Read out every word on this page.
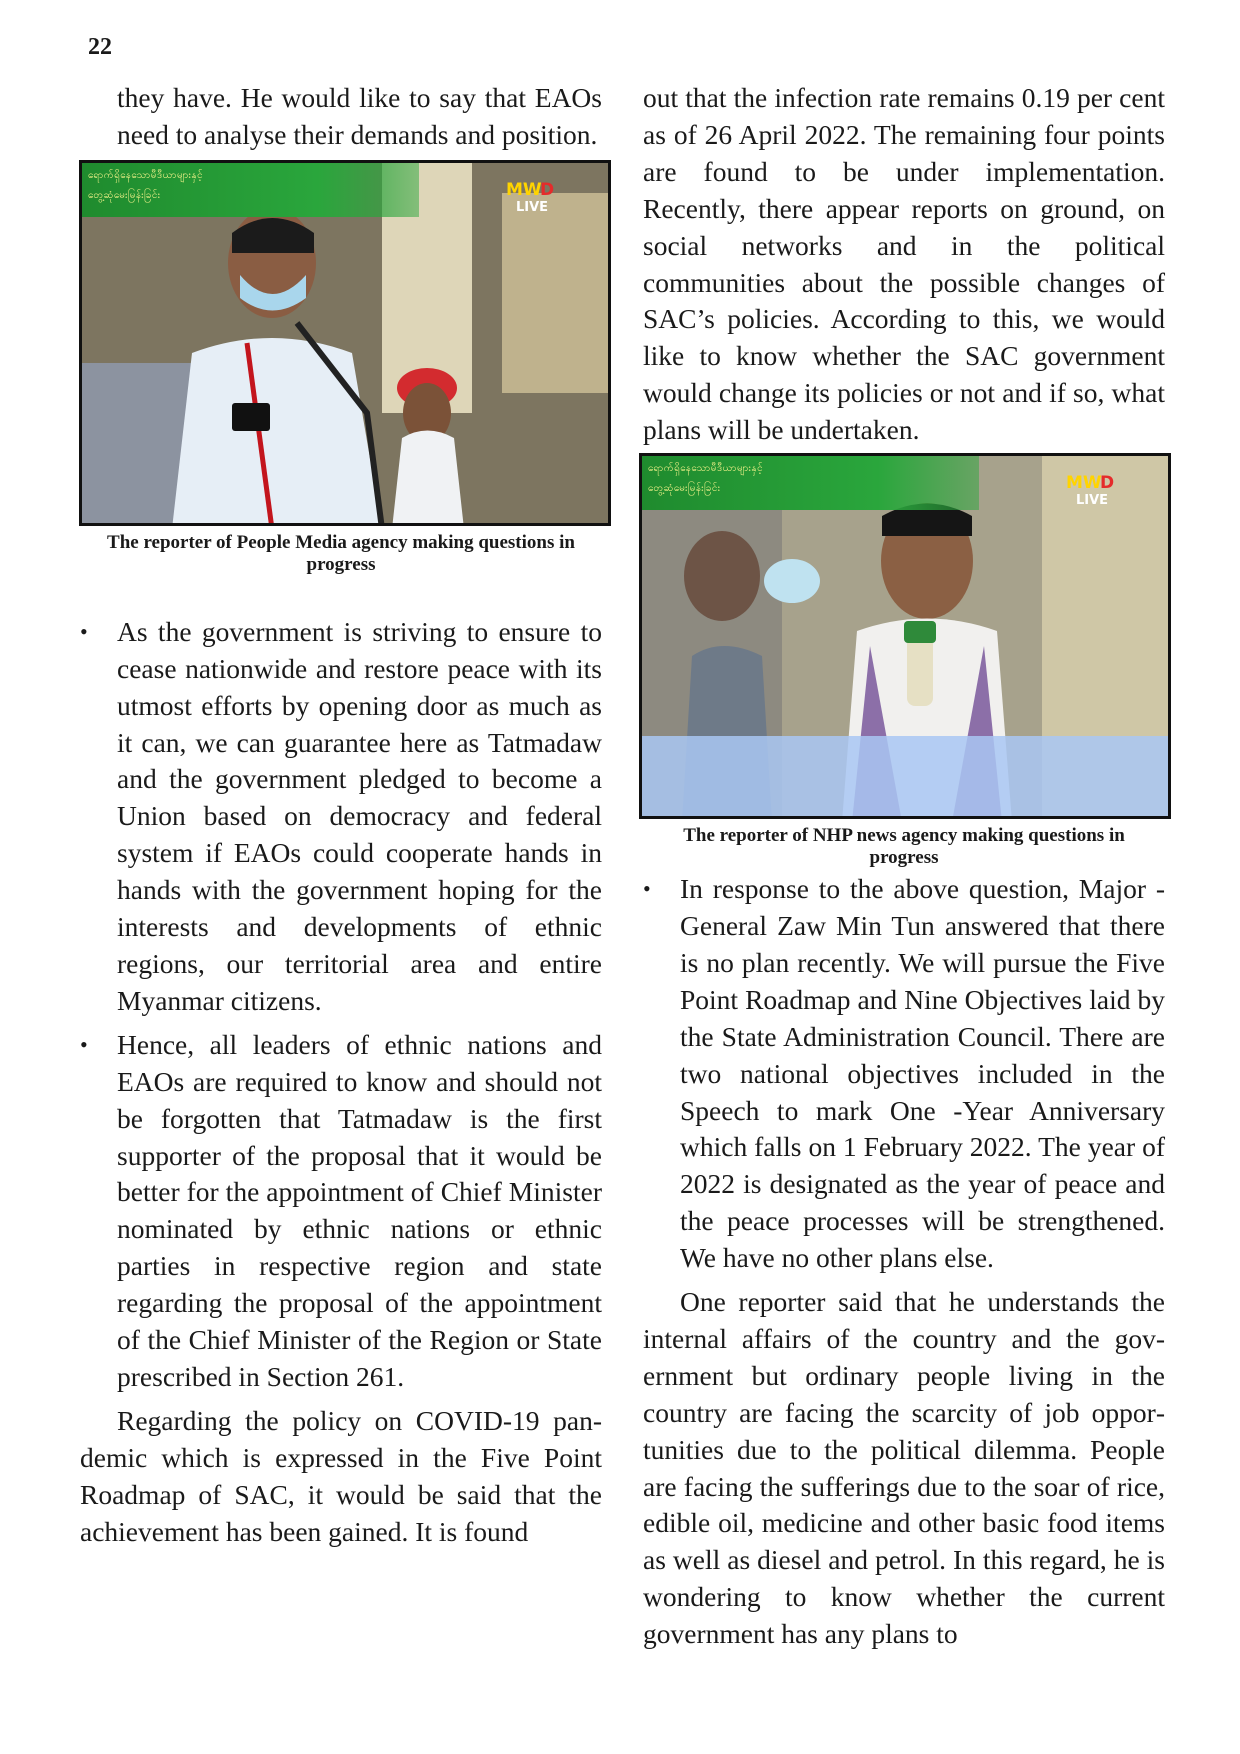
22

they have. He would like to say that EAOs need to analyse their demands and position.

ရောက်ရှိနေသောမီဒီယာများနှင့်
တွေ့ဆုံမေးမြန်းခြင်း	MW
D
LIVE
The reporter of People Media agency making questions in progress
• As the government is striving to ensure to cease nationwide and restore peace with its utmost efforts by opening door as much as it can, we can guarantee here as Tatmadaw and the government pledged to become a Union based on democracy and federal system if EAOs could cooperate hands in hands with the government hoping for the interests and developments of ethnic regions, our territorial area and entire Myanmar citizens.
• Hence, all leaders of ethnic nations and EAOs are required to know and should not be forgotten that Tatmadaw is the first supporter of the proposal that it would be better for the appointment of Chief Minister nominated by ethnic nations or ethnic parties in respective region and state regarding the proposal of the appointment of the Chief Minister of the Region or State prescribed in Section 261.

Regarding the policy on COVID-19 pandemic which is expressed in the Five Point Roadmap of SAC, it would be said that the achievement has been gained. It is found

out that the infection rate remains 0.19 per cent as of 26 April 2022. The remaining four points are found to be under implementation. Recently, there appear reports on ground, on social networks and in the political communities about the possible changes of SAC’s policies. According to this, we would like to know whether the SAC government would change its policies or not and if so, what plans will be undertaken.

ရောက်ရှိနေသောမီဒီယာများနှင့်
တွေ့ဆုံမေးမြန်းခြင်း	MW
D
LIVE
The reporter of NHP news agency making questions in progress
• In response to the above question, Major -General Zaw Min Tun answered that there is no plan recently. We will pursue the Five Point Roadmap and Nine Objectives laid by the State Administration Council. There are two national objectives included in the Speech to mark One -Year Anniversary which falls on 1 February 2022. The year of 2022 is designated as the year of peace and the peace processes will be strengthened. We have no other plans else.

One reporter said that he understands the internal affairs of the country and the government but ordinary people living in the country are facing the scarcity of job opportunities due to the political dilemma. People are facing the sufferings due to the soar of rice, edible oil, medicine and other basic food items as well as diesel and petrol. In this regard, he is wondering to know whether the current government has any plans to
